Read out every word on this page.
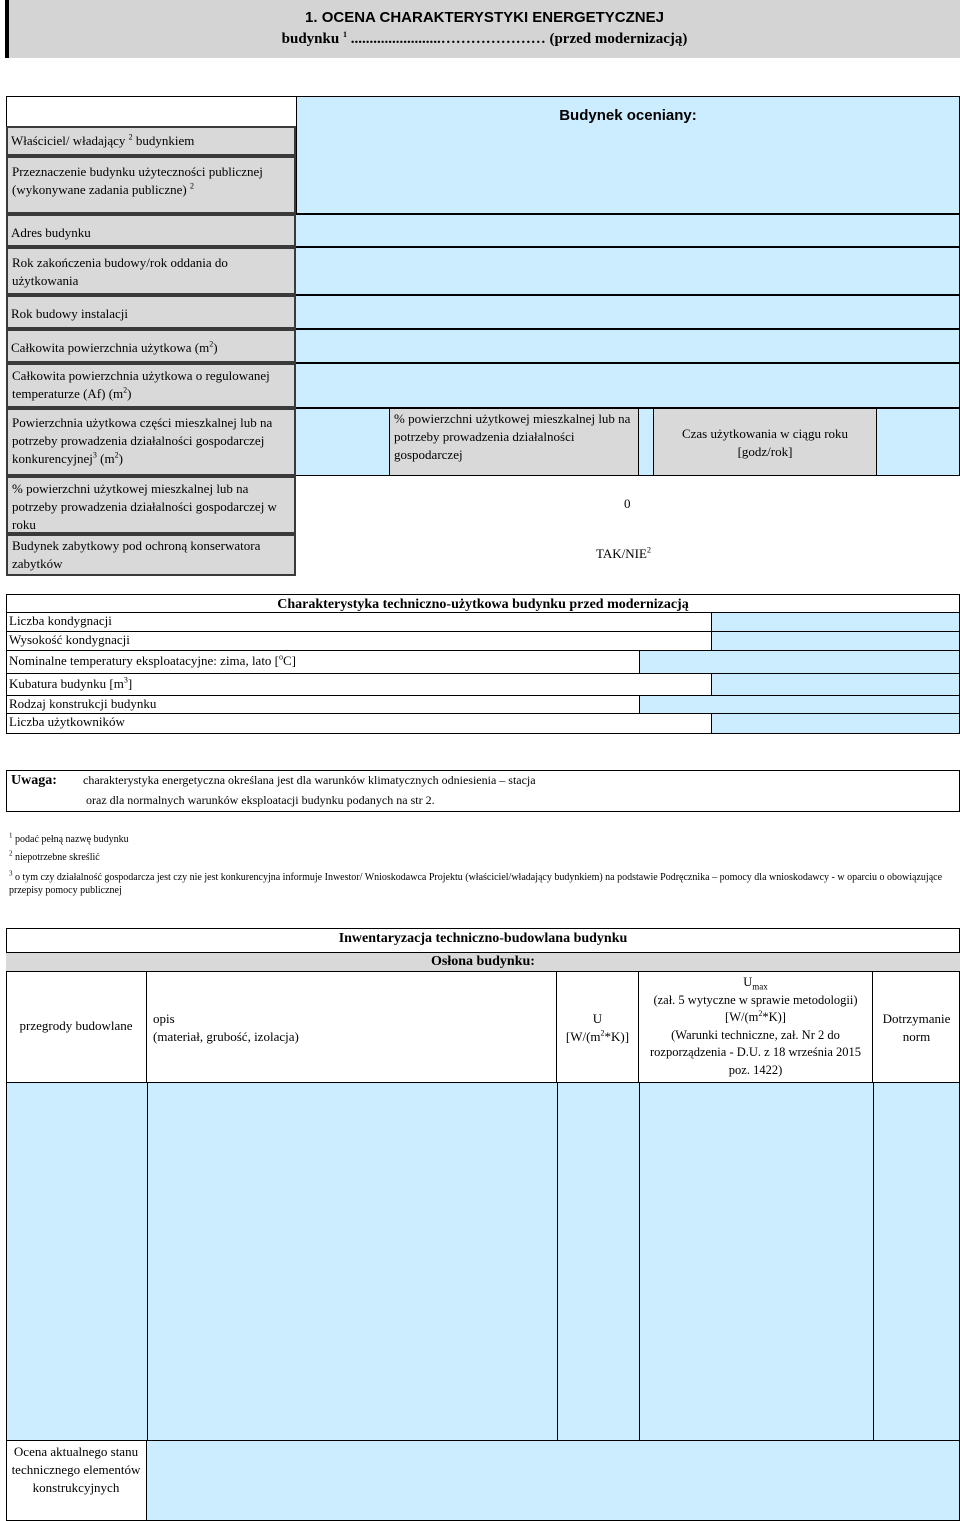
1. OCENA CHARAKTERYSTYKI ENERGETYCZNEJ
budynku $^1$ ........................………………… (przed modernizacją)
Budynek oceniany:
Właściciel/ władający $^2$ budynkiem
Przeznaczenie budynku użyteczności publicznej (wykonywane zadania publiczne) $^2$
Adres budynku
Rok zakończenia budowy/rok oddania do użytkowania
Rok budowy instalacji
Całkowita powierzchnia użytkowa $(m^2)$
Całkowita powierzchnia użytkowa o regulowanej temperaturze (Af) $(m^2)$
Powierzchnia użytkowa części mieszkalnej lub na potrzeby prowadzenia działalności gospodarczej konkurencyjnej$^3$ $(m^2)$
% powierzchni użytkowej mieszkalnej lub na potrzeby prowadzenia działalności gospodarczej w roku
Budynek zabytkowy pod ochroną konserwatora zabytków
% powierzchni użytkowej mieszkalnej lub na potrzeby prowadzenia działalności gospodarczej
Czas użytkowania w ciągu roku [godz/rok]
0
TAK/NIE$^2$
Charakterystyka techniczno-użytkowa budynku przed modernizacją
Liczba kondygnacji
Wysokość kondygnacji
Nominalne temperatury eksploatacyjne: zima, lato [$^o$C]
Kubatura budynku $[m^3]$
Rodzaj konstrukcji budynku
Liczba użytkowników
Uwaga: charakterystyka energetyczna określana jest dla warunków klimatycznych odniesienia – stacja
oraz dla normalnych warunków eksploatacji budynku podanych na str 2.
$^1$ podać pełną nazwę budynku
$^2$ niepotrzebne skreślić
$^3$ o tym czy działalność gospodarcza jest czy nie jest konkurencyjna informuje Inwestor/ Wnioskodawca Projektu (właściciel/władający budynkiem) na podstawie Podręcznika – pomocy dla wnioskodawcy - w oparciu o obowiązujące przepisy pomocy publicznej
Inwentaryzacja techniczno-budowlana budynku
Osłona budynku:
przegrody budowlane	opis
(materiał, grubość, izolacja)
U
$[W/(m^2*K)]$
$U_{max}$
(zał. 5 wytyczne w sprawie metodologii)
$[W/(m^2*K)]$
(Warunki techniczne, zał. Nr 2 do rozporządzenia - D.U. z 18 września 2015 poz. 1422)
Dotrzymanie norm
Ocena aktualnego stanu technicznego elementów konstrukcyjnych
